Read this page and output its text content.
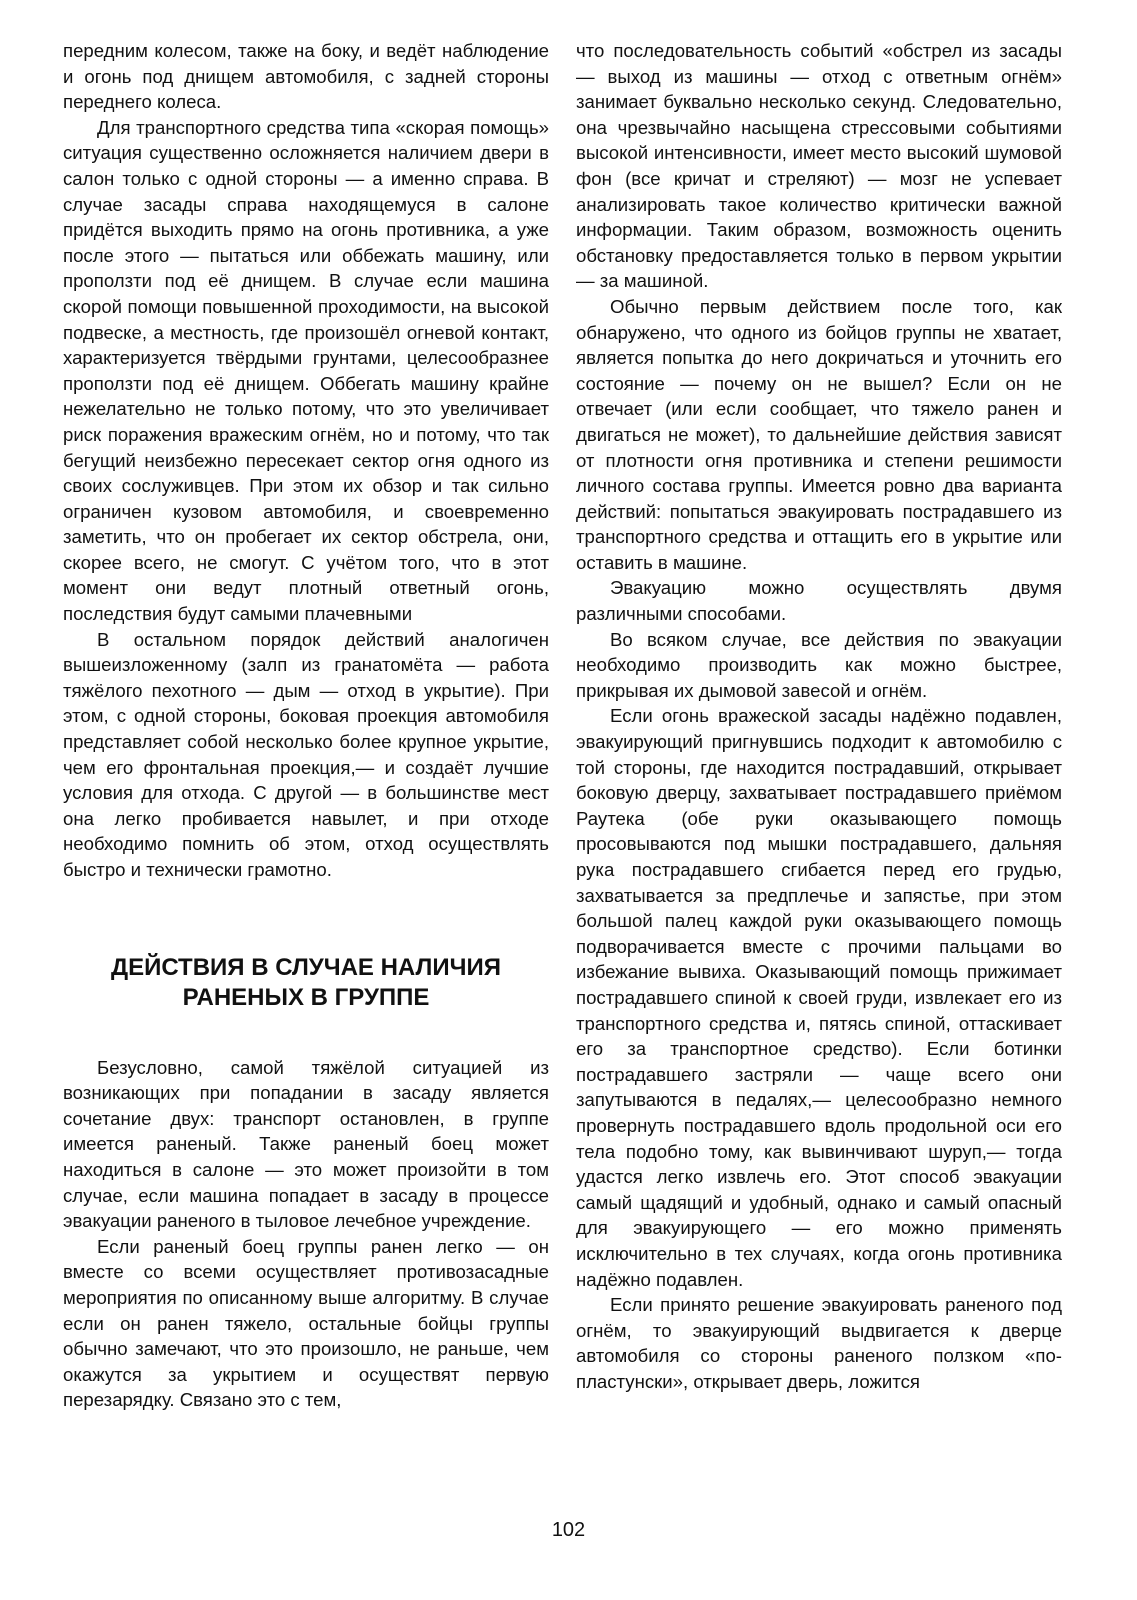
передним колесом, также на боку, и ведёт наблюдение и огонь под днищем автомобиля, с задней стороны переднего колеса.

Для транспортного средства типа «скорая помощь» ситуация существенно осложняется наличием двери в салон только с одной стороны — а именно справа. В случае засады справа находящемуся в салоне придётся выходить прямо на огонь противника, а уже после этого — пытаться или оббежать машину, или проползти под её днищем. В случае если машина скорой помощи повышенной проходимости, на высокой подвеске, а местность, где произошёл огневой контакт, характеризуется твёрдыми грунтами, целесообразнее проползти под её днищем. Оббегать машину крайне нежелательно не только потому, что это увеличивает риск поражения вражеским огнём, но и потому, что так бегущий неизбежно пересекает сектор огня одного из своих сослуживцев. При этом их обзор и так сильно ограничен кузовом автомобиля, и своевременно заметить, что он пробегает их сектор обстрела, они, скорее всего, не смогут. С учётом того, что в этот момент они ведут плотный ответный огонь, последствия будут самыми плачевными

В остальном порядок действий аналогичен вышеизложенному (залп из гранатомёта — работа тяжёлого пехотного — дым — отход в укрытие). При этом, с одной стороны, боковая проекция автомобиля представляет собой несколько более крупное укрытие, чем его фронтальная проекция,— и создаёт лучшие условия для отхода. С другой — в большинстве мест она легко пробивается навылет, и при отходе необходимо помнить об этом, отход осуществлять быстро и технически грамотно.

ДЕЙСТВИЯ В СЛУЧАЕ НАЛИЧИЯ
РАНЕНЫХ В ГРУППЕ

Безусловно, самой тяжёлой ситуацией из возникающих при попадании в засаду является сочетание двух: транспорт остановлен, в группе имеется раненый. Также раненый боец может находиться в салоне — это может произойти в том случае, если машина попадает в засаду в процессе эвакуации раненого в тыловое лечебное учреждение.

Если раненый боец группы ранен легко — он вместе со всеми осуществляет противозасадные мероприятия по описанному выше алгоритму. В случае если он ранен тяжело, остальные бойцы группы обычно замечают, что это произошло, не раньше, чем окажутся за укрытием и осуществят первую перезарядку. Связано это с тем,

что последовательность событий «обстрел из засады — выход из машины — отход с ответным огнём» занимает буквально несколько секунд. Следовательно, она чрезвычайно насыщена стрессовыми событиями высокой интенсивности, имеет место высокий шумовой фон (все кричат и стреляют) — мозг не успевает анализировать такое количество критически важной информации. Таким образом, возможность оценить обстановку предоставляется только в первом укрытии — за машиной.

Обычно первым действием после того, как обнаружено, что одного из бойцов группы не хватает, является попытка до него докричаться и уточнить его состояние — почему он не вышел? Если он не отвечает (или если сообщает, что тяжело ранен и двигаться не может), то дальнейшие действия зависят от плотности огня противника и степени решимости личного состава группы. Имеется ровно два варианта действий: попытаться эвакуировать пострадавшего из транспортного средства и оттащить его в укрытие или оставить в машине.

Эвакуацию можно осуществлять двумя различными способами.

Во всяком случае, все действия по эвакуации необходимо производить как можно быстрее, прикрывая их дымовой завесой и огнём.

Если огонь вражеской засады надёжно подавлен, эвакуирующий пригнувшись подходит к автомобилю с той стороны, где находится пострадавший, открывает боковую дверцу, захватывает пострадавшего приёмом Раутека (обе руки оказывающего помощь просовываются под мышки пострадавшего, дальняя рука пострадавшего сгибается перед его грудью, захватывается за предплечье и запястье, при этом большой палец каждой руки оказывающего помощь подворачивается вместе с прочими пальцами во избежание вывиха. Оказывающий помощь прижимает пострадавшего спиной к своей груди, извлекает его из транспортного средства и, пятясь спиной, оттаскивает его за транспортное средство). Если ботинки пострадавшего застряли — чаще всего они запутываются в педалях,— целесообразно немного провернуть пострадавшего вдоль продольной оси его тела подобно тому, как вывинчивают шуруп,— тогда удастся легко извлечь его. Этот способ эвакуации самый щадящий и удобный, однако и самый опасный для эвакуирующего — его можно применять исключительно в тех случаях, когда огонь противника надёжно подавлен.

Если принято решение эвакуировать раненого под огнём, то эвакуирующий выдвигается к дверце автомобиля со стороны раненого ползком «по-пластунски», открывает дверь, ложится

102
